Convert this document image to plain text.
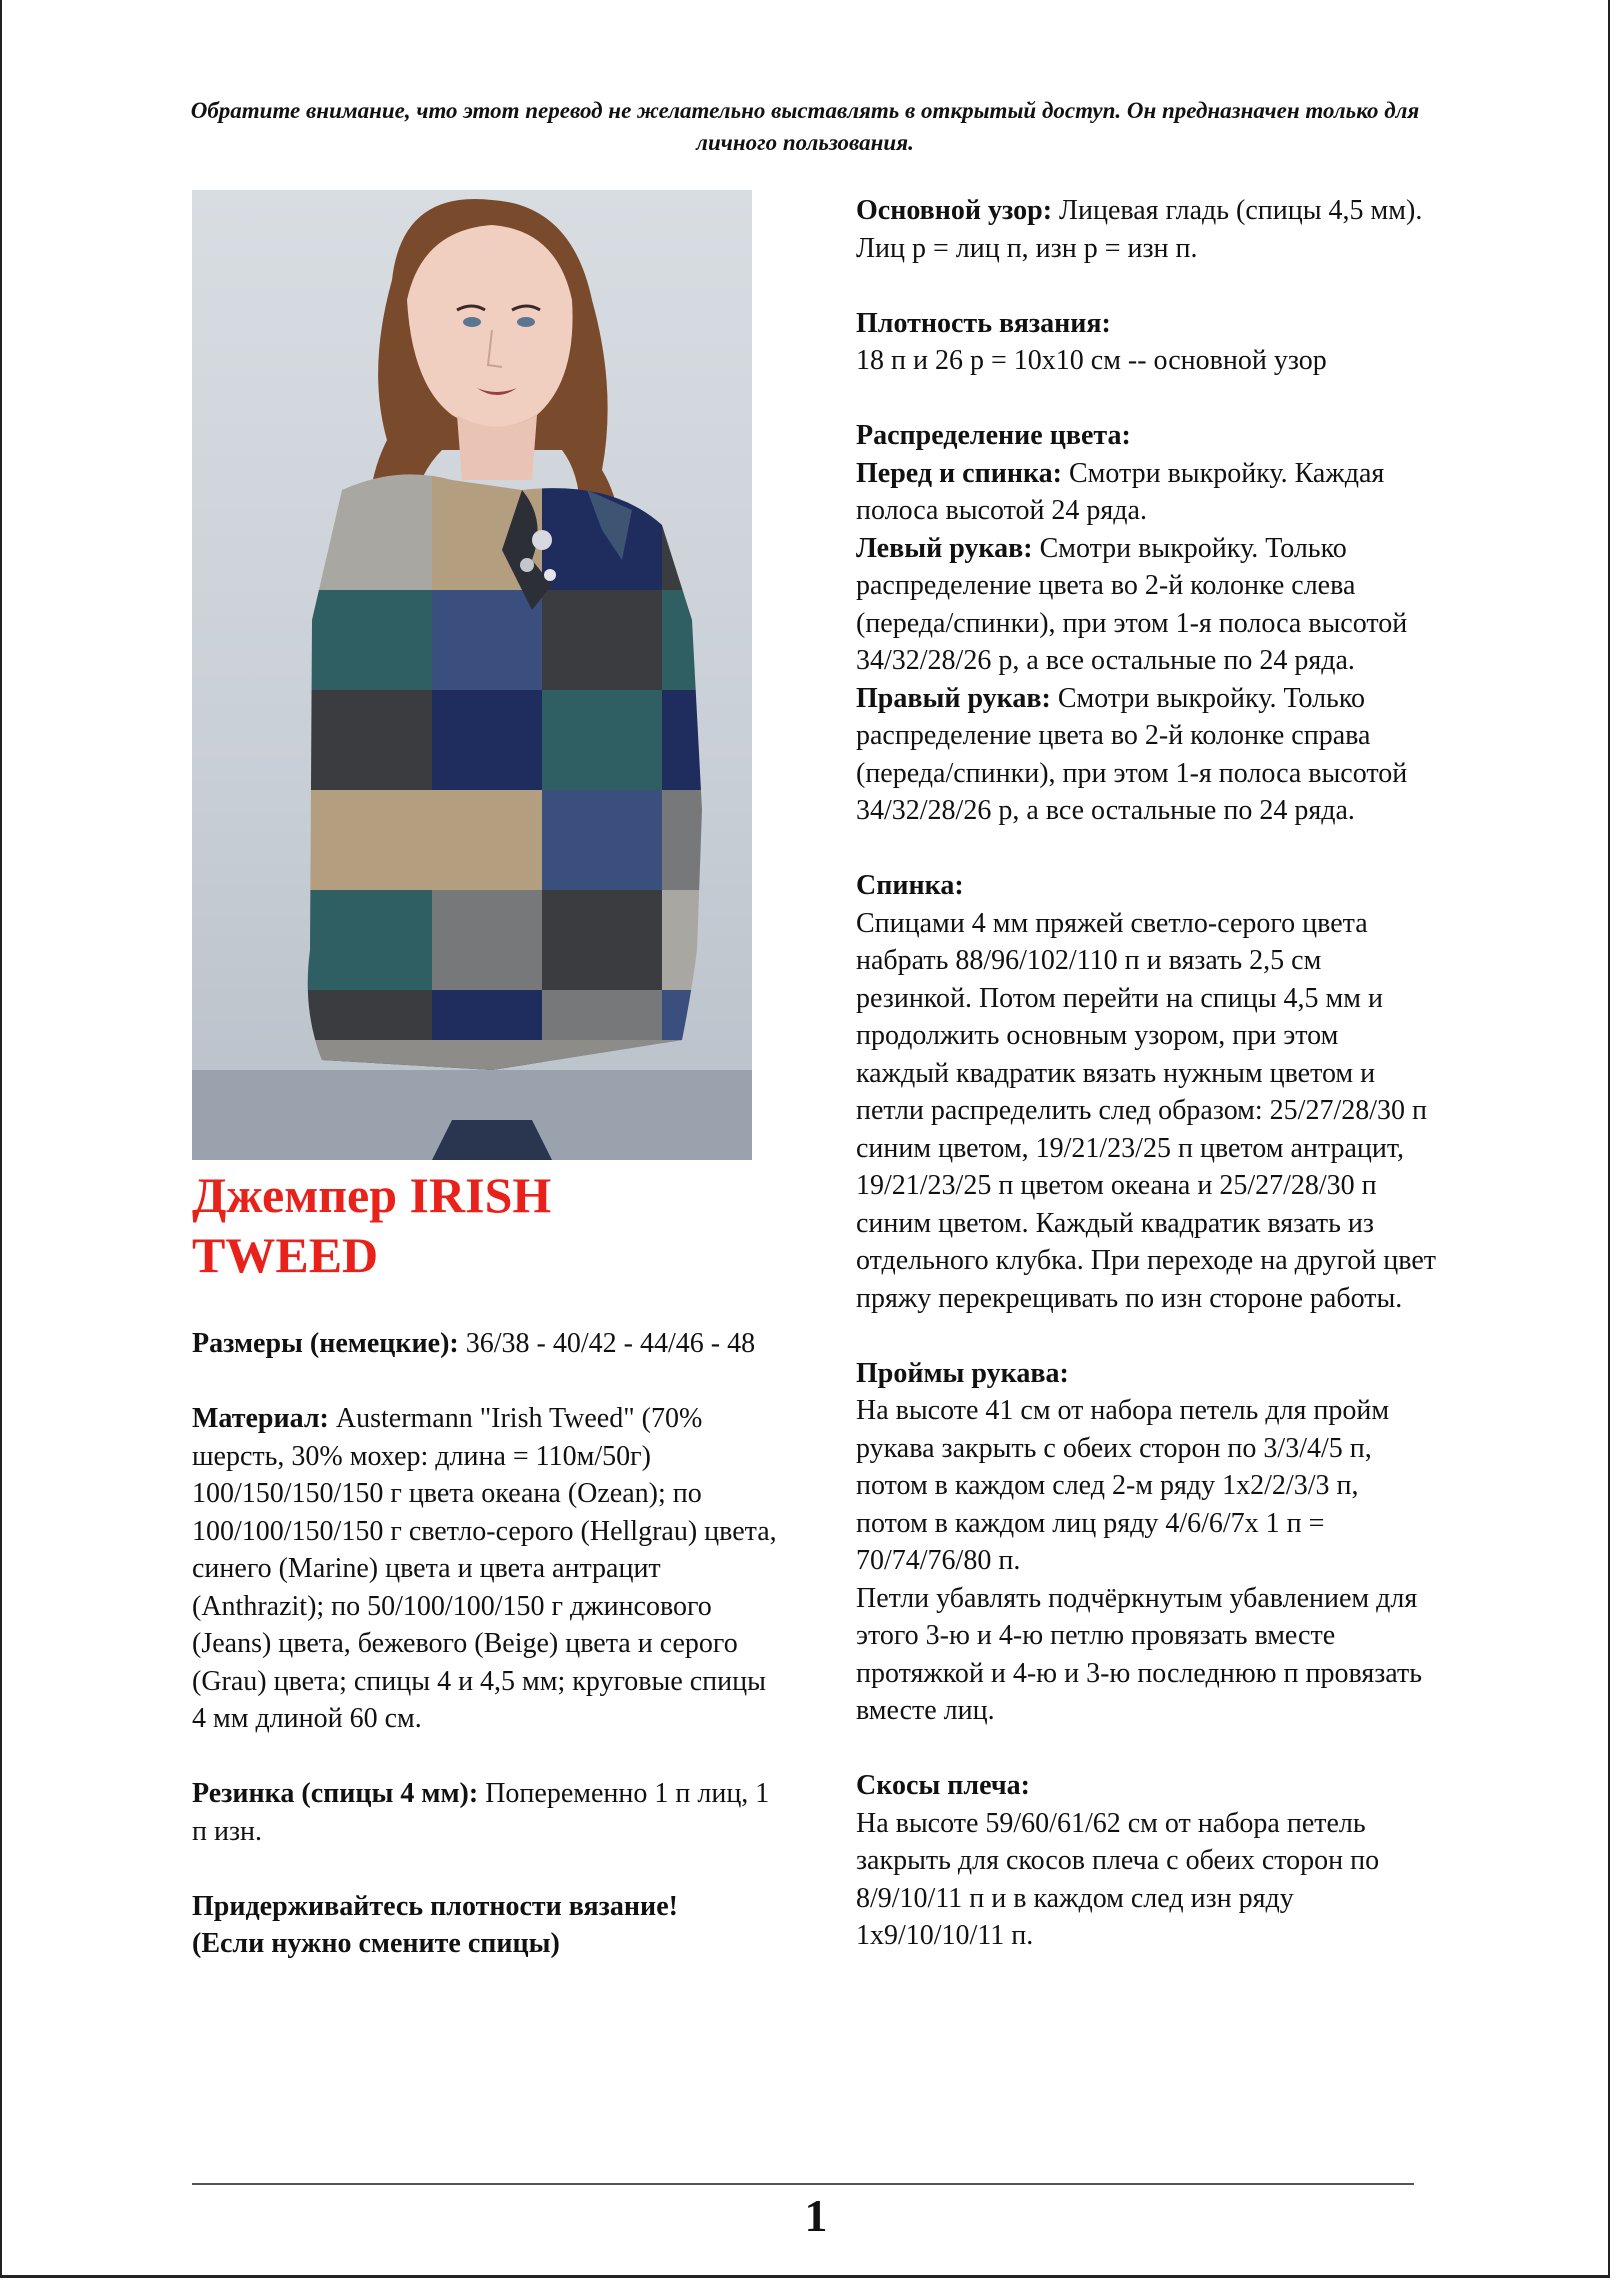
Обратите внимание, что этот перевод не желательно выставлять в открытый доступ. Он предназначен только для личного пользования.
Джемпер IRISH
TWEED

Размеры (немецкие): 36/38 - 40/42 - 44/46 - 48

Материал: Austermann "Irish Tweed" (70% шерсть, 30% мохер: длина = 110м/50г) 100/150/150/150 г цвета океана (Ozean); по 100/100/150/150 г светло-серого (Hellgrau) цвета, синего (Marine) цвета и цвета антрацит (Anthrazit); по 50/100/100/150 г джинсового (Jeans) цвета, бежевого (Beige) цвета и серого (Grau) цвета; спицы 4 и 4,5 мм; круговые спицы 4 мм длиной 60 см.

Резинка (спицы 4 мм): Попеременно 1 п лиц, 1 п изн.

Придерживайтесь плотности вязание!

(Если нужно смените спицы)

Основной узор: Лицевая гладь (спицы 4,5 мм). Лиц р = лиц п, изн р = изн п.

Плотность вязания:

18 п и 26 р = 10х10 см -- основной узор

Распределение цвета:

Перед и спинка: Смотри выкройку. Каждая полоса высотой 24 ряда.

Левый рукав: Смотри выкройку. Только распределение цвета во 2-й колонке слева (переда/спинки), при этом 1-я полоса высотой 34/32/28/26 р, а все остальные по 24 ряда.

Правый рукав: Смотри выкройку. Только распределение цвета во 2-й колонке справа (переда/спинки), при этом 1-я полоса высотой 34/32/28/26 р, а все остальные по 24 ряда.

Спинка:

Спицами 4 мм пряжей светло-серого цвета набрать 88/96/102/110 п и вязать 2,5 см резинкой. Потом перейти на спицы 4,5 мм и продолжить основным узором, при этом каждый квадратик вязать нужным цветом и петли распределить след образом: 25/27/28/30 п синим цветом, 19/21/23/25 п цветом антрацит, 19/21/23/25 п цветом океана и 25/27/28/30 п синим цветом. Каждый квадратик вязать из отдельного клубка. При переходе на другой цвет пряжу перекрещивать по изн стороне работы.

Проймы рукава:

На высоте 41 см от набора петель для пройм рукава закрыть с обеих сторон по 3/3/4/5 п, потом в каждом след 2-м ряду 1х2/2/3/3 п, потом в каждом лиц ряду 4/6/6/7х 1 п = 70/74/76/80 п.

Петли убавлять подчёркнутым убавлением для этого 3-ю и 4-ю петлю провязать вместе протяжкой и 4-ю и 3-ю последнюю п провязать вместе лиц.

Скосы плеча:

На высоте 59/60/61/62 см от набора петель закрыть для скосов плеча с обеих сторон по 8/9/10/11 п и в каждом след изн ряду 1х9/10/10/11 п.

1
